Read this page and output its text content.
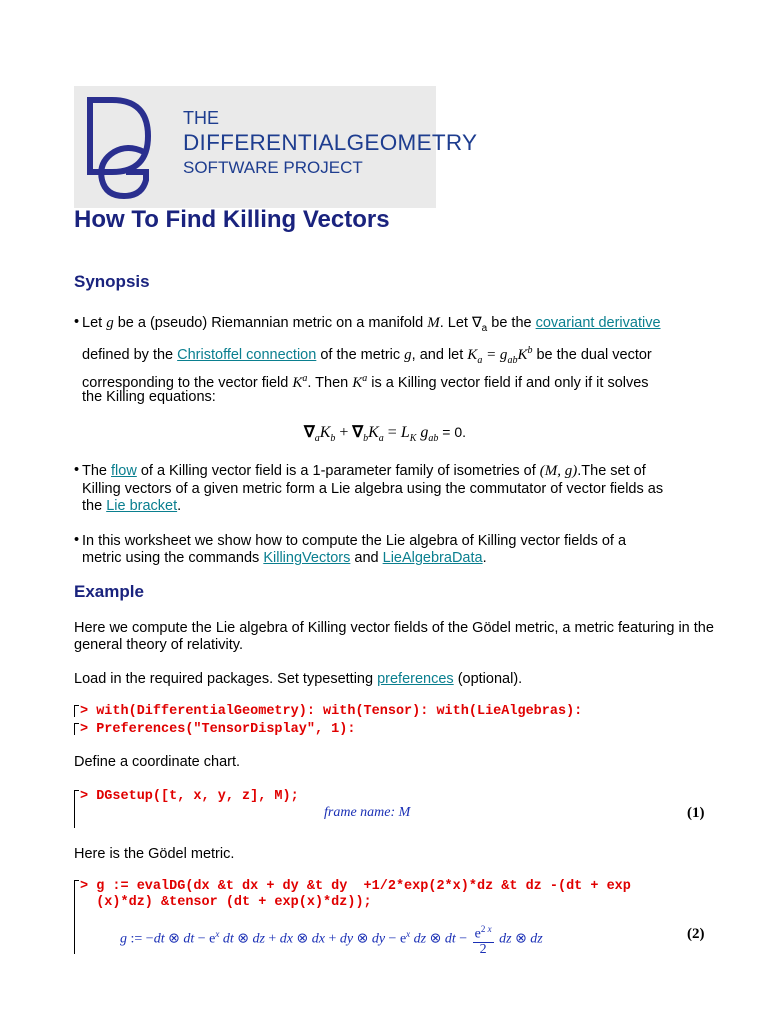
THE
DIFFERENTIALGEOMETRY
SOFTWARE PROJECT
How To Find Killing Vectors
Synopsis
• Let g be a (pseudo) Riemannian metric on a manifold M. Let $\nabla_a$ be the covariant derivative
defined by the Christoffel connection of the metric g, and let $K_a = g_{ab}K^b$ be the dual vector
corresponding to the vector field $K^a$. Then $K^a$ is a Killing vector field if and only if it solves
the Killing equations:
$\nabla_aK_b + \nabla_bK_a = L_K$ $g_{ab} = 0$.
• The flow of a Killing vector field is a 1-parameter family of isometries of (M, g).The set of
Killing vectors of a given metric form a Lie algebra using the commutator of vector fields as
the Lie bracket.
• In this worksheet we show how to compute the Lie algebra of Killing vector fields of a
metric using the commands KillingVectors and LieAlgebraData.
Example
Here we compute the Lie algebra of Killing vector fields of the Gödel metric, a metric featuring in the general theory of relativity.
Load in the required packages. Set typesetting preferences (optional).
> with(DifferentialGeometry): with(Tensor): with(LieAlgebras):
> Preferences("TensorDisplay", 1):
Define a coordinate chart.
> DGsetup([t, x, y, z], M);
frame name: M	(1)
Here is the Gödel metric.
> g := evalDG(dx &t dx + dy &t dy  +1/2*exp(2*x)*dz &t dz -(dt + exp
(x)*dz) &tensor (dt + exp(x)*dz));
g := −dt ⊗ dt − $e^x$ dt ⊗ dz + dx ⊗ dx + dy ⊗ dy − $e^x$ dz ⊗ dt − $\frac{e^{2 x}}{2}$ dz ⊗ dz	(2)
